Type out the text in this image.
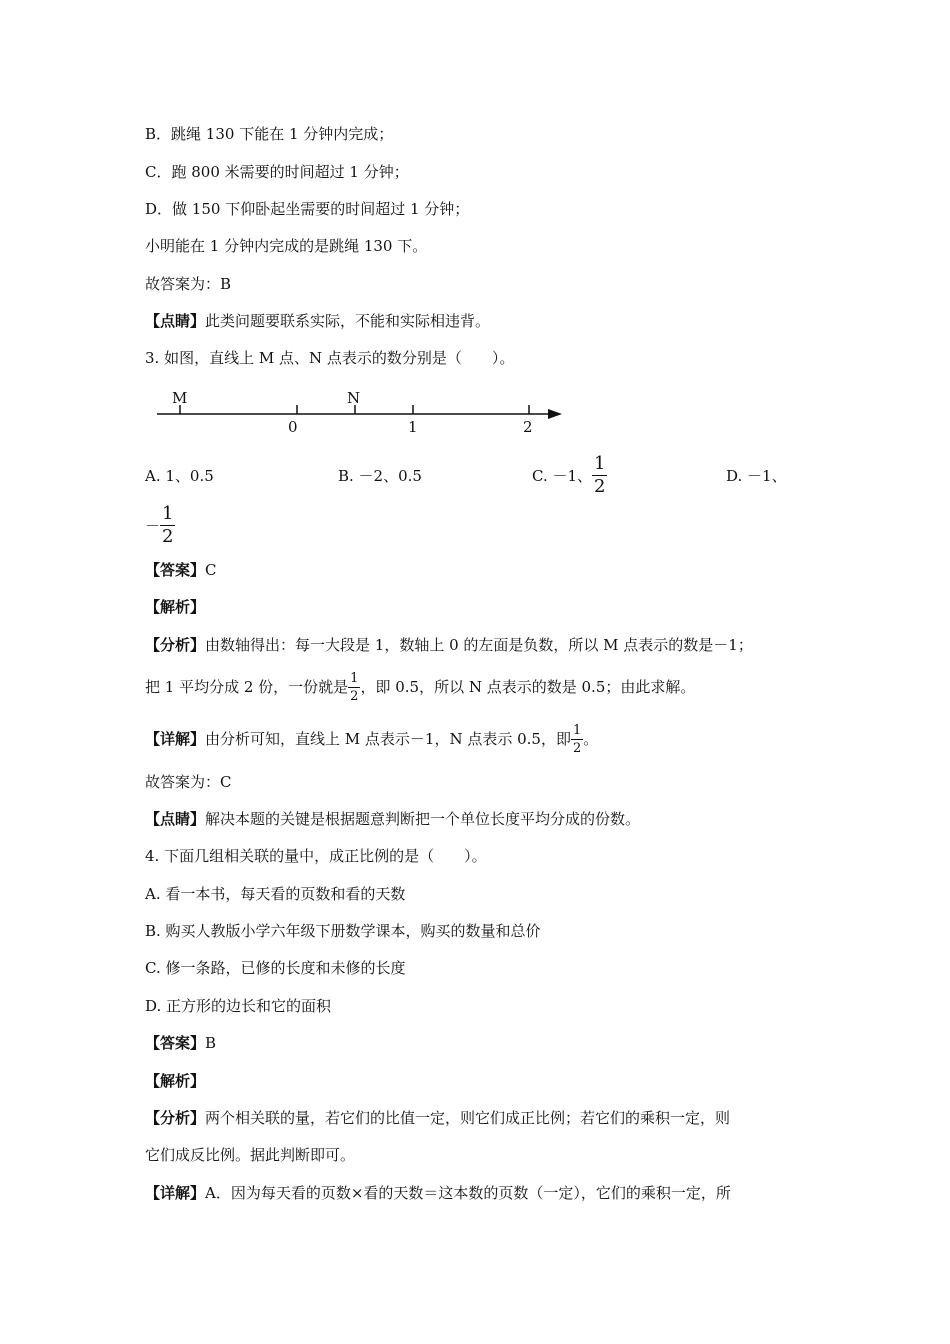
B．跳绳 130 下能在 1 分钟内完成；
C．跑 800 米需要的时间超过 1 分钟；
D．做 150 下仰卧起坐需要的时间超过 1 分钟；
小明能在 1 分钟内完成的是跳绳 130 下。
故答案为：B
【点睛】此类问题要联系实际，不能和实际相违背。
3. 如图，直线上 M 点、N 点表示的数分别是（　　）。
M	N
0	1	2
A. 1、0.5	B. －2、0.5	C. －1、 $\frac{1}{2}$	D. －1、
－ $\frac{1}{2}$
【答案】C
【解析】
【分析】由数轴得出：每一大段是 1，数轴上 0 的左面是负数，所以 M 点表示的数是－1；
把 1 平均分成 2 份，一份就是 $\frac{1}{2}$ ，即 0.5，所以 N 点表示的数是 0.5；由此求解。
【详解】 由分析可知，直线上 M 点表示－1，N 点表示 0.5，即 $\frac{1}{2}$ 。
故答案为：C
【点睛】解决本题的关键是根据题意判断把一个单位长度平均分成的份数。
4. 下面几组相关联的量中，成正比例的是（　　）。
A. 看一本书，每天看的页数和看的天数
B. 购买人教版小学六年级下册数学课本，购买的数量和总价
C. 修一条路，已修的长度和未修的长度
D. 正方形的边长和它的面积
【答案】B
【解析】
【分析】两个相关联的量，若它们的比值一定，则它们成正比例；若它们的乘积一定，则
它们成反比例。据此判断即可。
【详解】A．因为每天看的页数×看的天数＝这本数的页数（一定），它们的乘积一定，所
